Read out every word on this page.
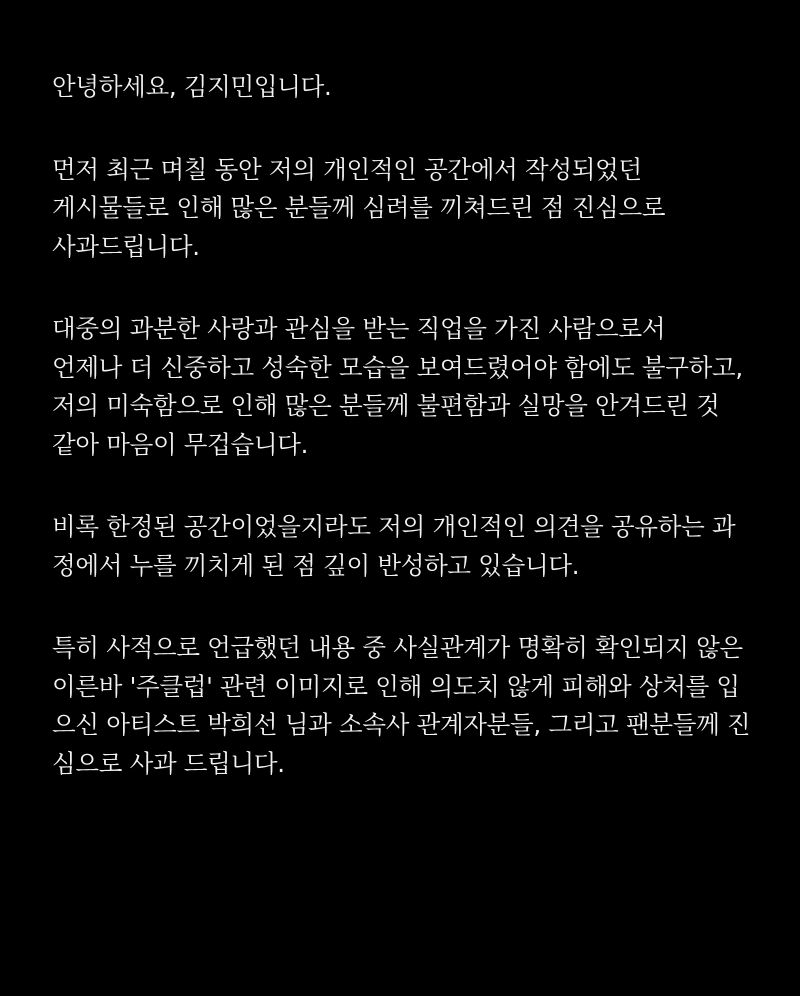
안녕하세요, 김지민입니다.

먼저 최근 며칠 동안 저의 개인적인 공간에서 작성되었던
게시물들로 인해 많은 분들께 심려를 끼쳐드린 점 진심으로
사과드립니다.

대중의 과분한 사랑과 관심을 받는 직업을 가진 사람으로서
언제나 더 신중하고 성숙한 모습을 보여드렸어야 함에도 불구하고,
저의 미숙함으로 인해 많은 분들께 불편함과 실망을 안겨드린 것
같아 마음이 무겁습니다.

비록 한정된 공간이었을지라도 저의 개인적인 의견을 공유하는 과
정에서 누를 끼치게 된 점 깊이 반성하고 있습니다.

특히 사적으로 언급했던 내용 중 사실관계가 명확히 확인되지 않은
이른바 '주클럽' 관련 이미지로 인해 의도치 않게 피해와 상처를 입
으신 아티스트 박희선 님과 소속사 관계자분들, 그리고 팬분들께 진
심으로 사과 드립니다.
